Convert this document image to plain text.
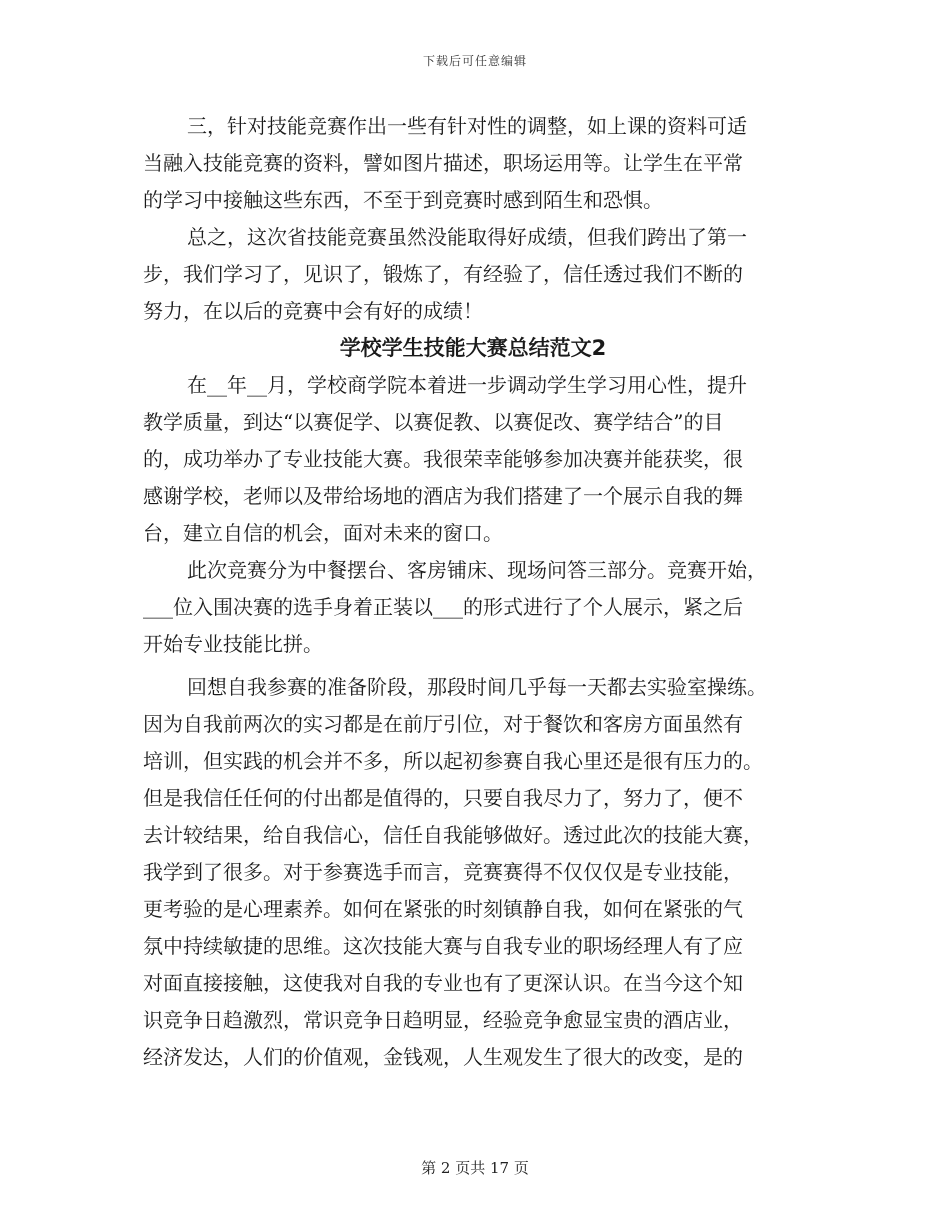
下载后可任意编辑
三，针对技能竞赛作出一些有针对性的调整，如上课的资料可适
当融入技能竞赛的资料，譬如图片描述，职场运用等。让学生在平常
的学习中接触这些东西，不至于到竞赛时感到陌生和恐惧。
总之，这次省技能竞赛虽然没能取得好成绩，但我们跨出了第一
步，我们学习了，见识了，锻炼了，有经验了，信任透过我们不断的
努力，在以后的竞赛中会有好的成绩！
学校学生技能大赛总结范文2
在__年__月，学校商学院本着进一步调动学生学习用心性，提升
教学质量，到达“以赛促学、以赛促教、以赛促改、赛学结合”的目
的，成功举办了专业技能大赛。我很荣幸能够参加决赛并能获奖，很
感谢学校，老师以及带给场地的酒店为我们搭建了一个展示自我的舞
台，建立自信的机会，面对未来的窗口。
此次竞赛分为中餐摆台、客房铺床、现场问答三部分。竞赛开始，
___位入围决赛的选手身着正装以___的形式进行了个人展示，紧之后
开始专业技能比拼。
回想自我参赛的准备阶段，那段时间几乎每一天都去实验室操练。
因为自我前两次的实习都是在前厅引位，对于餐饮和客房方面虽然有
培训，但实践的机会并不多，所以起初参赛自我心里还是很有压力的。
但是我信任任何的付出都是值得的，只要自我尽力了，努力了，便不
去计较结果，给自我信心，信任自我能够做好。透过此次的技能大赛，
我学到了很多。对于参赛选手而言，竞赛赛得不仅仅仅是专业技能，
更考验的是心理素养。如何在紧张的时刻镇静自我，如何在紧张的气
氛中持续敏捷的思维。这次技能大赛与自我专业的职场经理人有了应
对面直接接触，这使我对自我的专业也有了更深认识。在当今这个知
识竞争日趋激烈，常识竞争日趋明显，经验竞争愈显宝贵的酒店业，
经济发达，人们的价值观，金钱观，人生观发生了很大的改变，是的
第 2 页共 17 页
